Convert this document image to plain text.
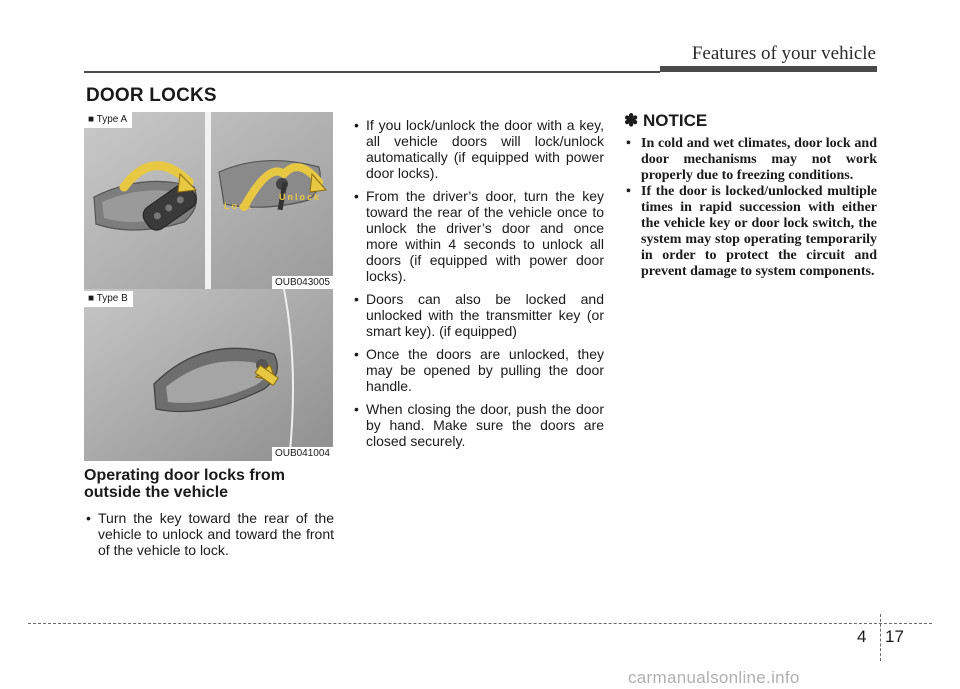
Features of your vehicle
DOOR LOCKS
Lock
Unlock
■ Type A
OUB043005
■ Type B
OUB041004
Operating door locks from outside the vehicle
• Turn the key toward the rear of the vehicle to unlock and toward the front of the vehicle to lock.
• If you lock/unlock the door with a key, all vehicle doors will lock/unlock automatically (if equipped with power door locks).
• From the driver’s door, turn the key toward the rear of the vehicle once to unlock the driver’s door and once more within 4 seconds to unlock all doors (if equipped with power door locks).
• Doors can also be locked and unlocked with the transmitter key (or smart key). (if equipped)
• Once the doors are unlocked, they may be opened by pulling the door handle.
• When closing the door, push the door by hand. Make sure the doors are closed securely.
✽ NOTICE
• In cold and wet climates, door lock and door mechanisms may not work properly due to freezing conditions.
• If the door is locked/unlocked multiple times in rapid succession with either the vehicle key or door lock switch, the system may stop operating temporarily in order to protect the circuit and prevent damage to system components.
4 17
carmanualsonline.info
